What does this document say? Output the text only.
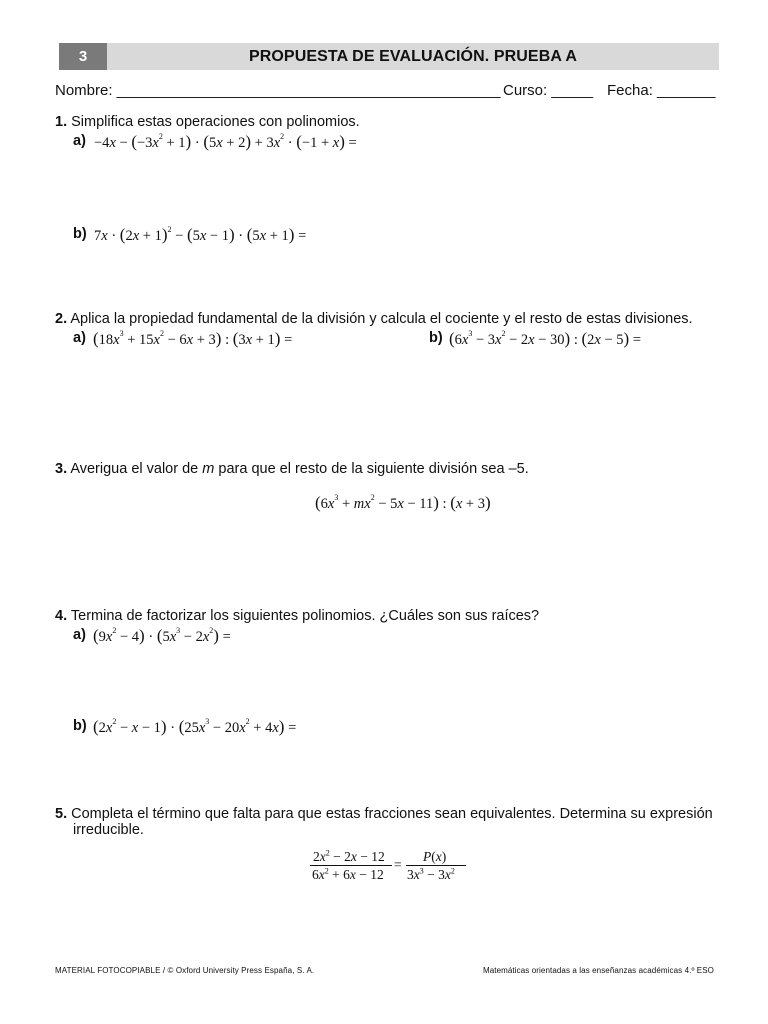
3	PROPUESTA DE EVALUACIÓN. PRUEBA A
Nombre: ______________________________________________ Curso: _____ Fecha: _______
1. Simplifica estas operaciones con polinomios.
$a) -4x - (-3x^2 + 1) \cdot (5x + 2) + 3x^2 \cdot (-1 + x)$ =
b) $7x \cdot (2x + 1)^2 - (5x - 1) \cdot (5x + 1)$ =
2. Aplica la propiedad fundamental de la división y calcula el cociente y el resto de estas divisiones.
a) $(18x^3 + 15x^2 - 6x + 3)$ : (3x + 1) =	b) $(6x^3 - 3x^2 - 2x - 30)$ : (2x − 5) =
3. Averigua el valor de m para que el resto de la siguiente división sea –5.
$(6x^3 + mx^2 - 5x - 11)$ : (x + 3)
4. Termina de factorizar los siguientes polinomios. ¿Cuáles son sus raíces?
a) $(9x^2 - 4) \cdot (5x^3 - 2x^2)$ =
b) $(2x^2 - x - 1) \cdot (25x^3 - 20x^2 + 4x)$ =
5. Completa el término que falta para que estas fracciones sean equivalentes. Determina su expresión
irreducible.
$2x^2 - 2x - 12$
$6x^2 + 6x - 12$
=
P(x)
$3x^3 - 3x^2$
MATERIAL FOTOCOPIABLE / © Oxford University Press España, S. A.	Matemáticas orientadas a las enseñanzas académicas 4.º ESO
